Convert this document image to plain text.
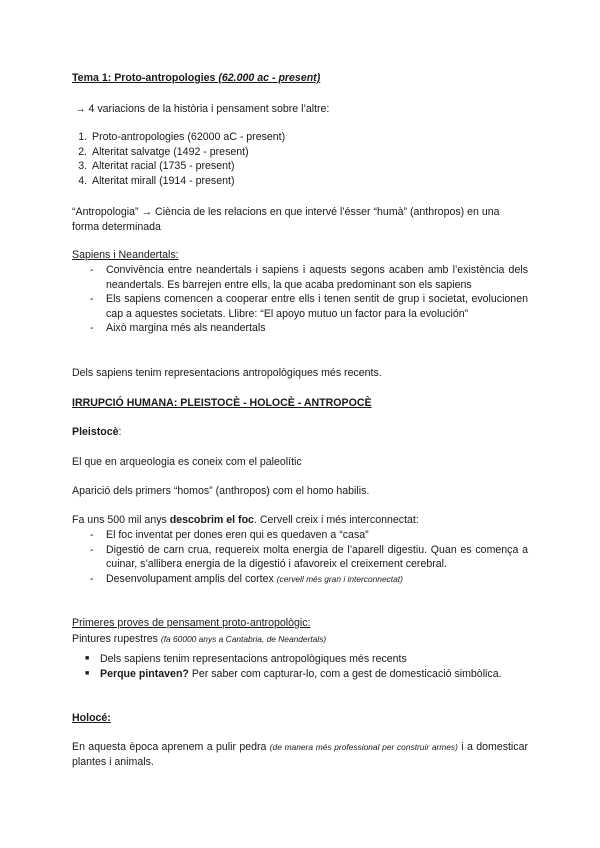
Tema 1: Proto-antropologies (62.000 ac - present)

→ 4 variacions de la història i pensament sobre l’altre:

1. Proto-antropologies (62000 aC - present)
2. Alteritat salvatge (1492 - present)
3. Alteritat racial (1735 - present)
4. Alteritat mirall (1914 - present)

“Antropologia” → Ciència de les relacions en que intervé l’ésser “humà” (anthropos) en una forma determinada

Sapiens i Neandertals:

- Convivència entre neandertals i sapiens i aquests segons acaben amb l’existència dels neandertals. Es barrejen entre ells, la que acaba predominant son els sapiens
- Els sapiens comencen a cooperar entre ells i tenen sentit de grup i societat, evolucionen cap a aquestes societats. Llibre: “El apoyo mutuo un factor para la evolución”
- Això margina més als neandertals

Dels sapiens tenim representacions antropològiques més recents.

IRRUPCIÓ HUMANA: PLEISTOCÈ - HOLOCÈ - ANTROPOCÈ

Pleistocè:

El que en arqueologia es coneix com el paleolític

Aparició dels primers “homos” (anthropos) com el homo habilis.

Fa uns 500 mil anys descobrim el foc. Cervell creix i més interconnectat:

- El foc inventat per dones eren qui es quedaven a “casa”
- Digestió de carn crua, requereix molta energia de l’aparell digestiu. Quan es comença a cuinar, s’allibera energia de la digestió i afavoreix el creixement cerebral.
- Desenvolupament amplis del cortex (cervell més gran i interconnectat)

Primeres proves de pensament proto-antropològic:

Pintures rupestres (fa 60000 anys a Cantabria, de Neandertals)

■ Dels sapiens tenim representacions antropològiques més recents
■ Perque pintaven? Per saber com capturar-lo, com a gest de domesticació simbòlica.

Holocé:

En aquesta època aprenem a pulir pedra (de manera més professional per construir armes) i a domesticar plantes i animals.
